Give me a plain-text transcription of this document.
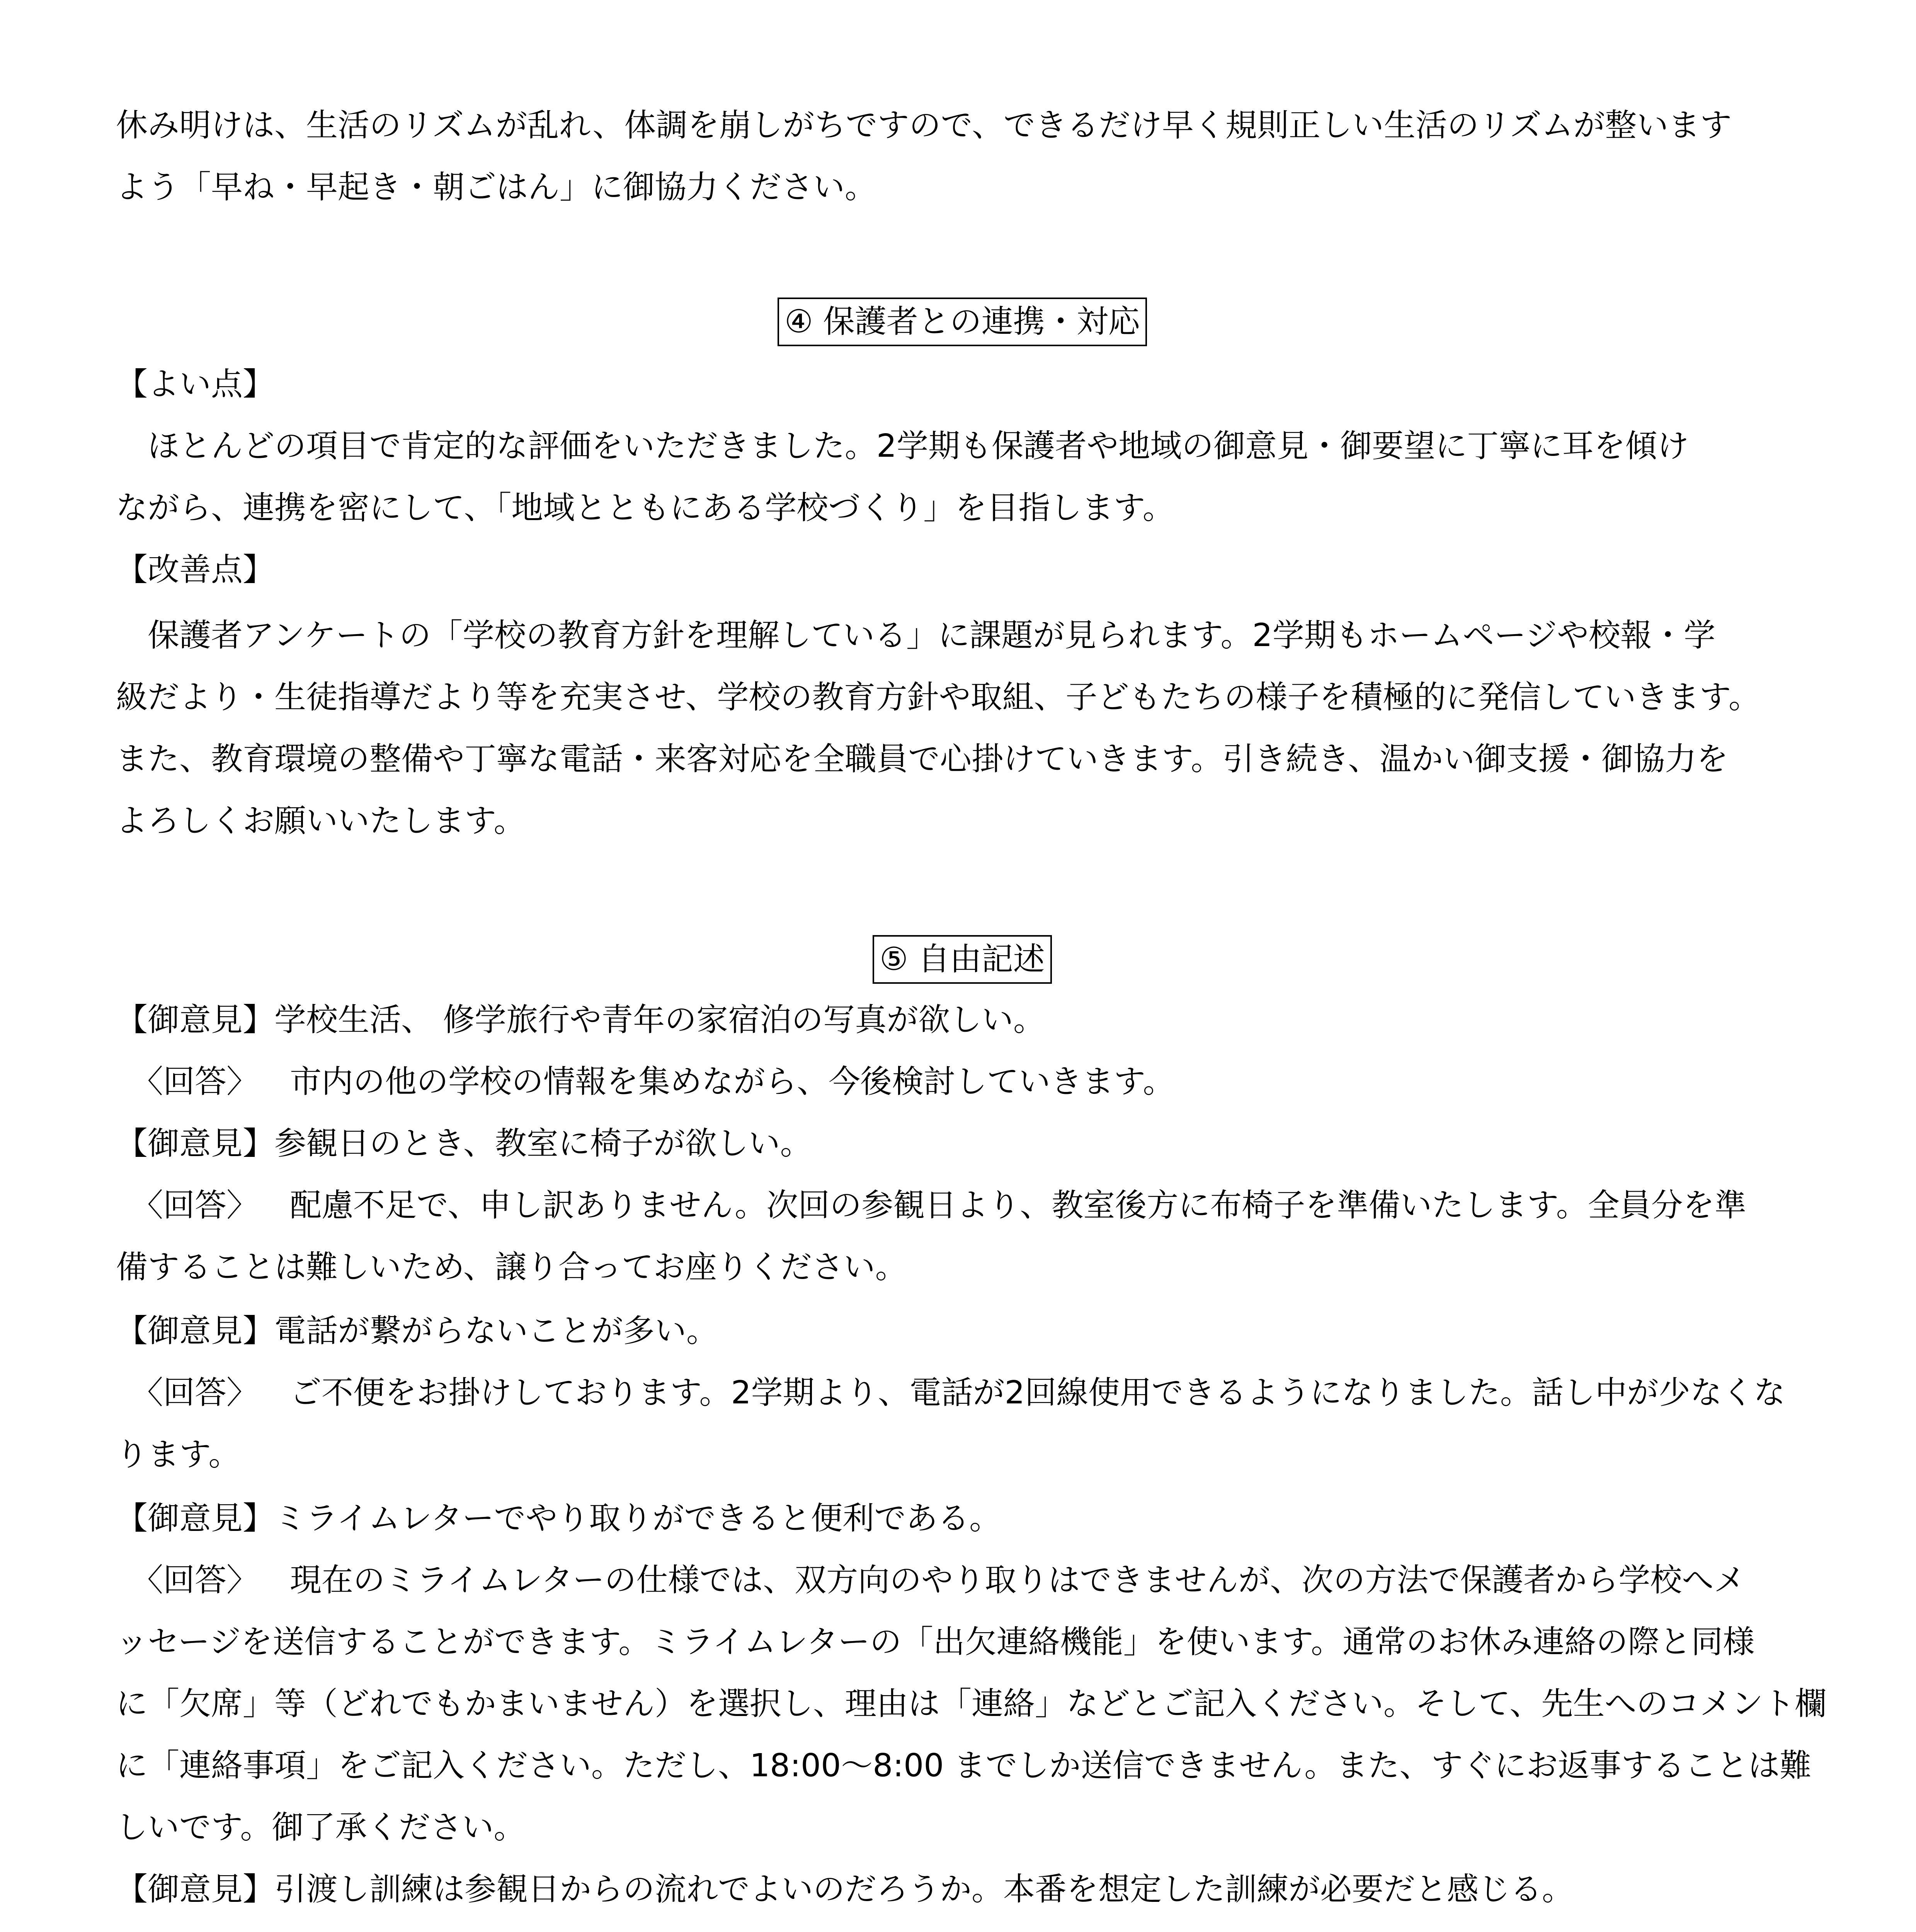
休み明けは、生活のリズムが乱れ、体調を崩しがちですので、できるだけ早く規則正しい生活のリズムが整います
よう「早ね・早起き・朝ごはん」に御協力ください。
④ 保護者との連携・対応
【よい点】
　ほとんどの項目で肯定的な評価をいただきました。2学期も保護者や地域の御意見・御要望に丁寧に耳を傾け
ながら、連携を密にして、「地域とともにある学校づくり」を目指します。
【改善点】
　保護者アンケートの「学校の教育方針を理解している」に課題が見られます。2学期もホームページや校報・学
級だより・生徒指導だより等を充実させ、学校の教育方針や取組、子どもたちの様子を積極的に発信していきます。
また、教育環境の整備や丁寧な電話・来客対応を全職員で心掛けていきます。引き続き、温かい御支援・御協力を
よろしくお願いいたします。
⑤ 自由記述
【御意見】学校生活、 修学旅行や青年の家宿泊の写真が欲しい。
〈回答〉　 市内の他の学校の情報を集めながら、今後検討していきます。
【御意見】参観日のとき、教室に椅子が欲しい。
〈回答〉　 配慮不足で、申し訳ありません。次回の参観日より、教室後方に布椅子を準備いたします。全員分を準
備することは難しいため、譲り合ってお座りください。
【御意見】電話が繋がらないことが多い。
〈回答〉　 ご不便をお掛けしております。2学期より、電話が2回線使用できるようになりました。話し中が少なくな
ります。
【御意見】ミライムレターでやり取りができると便利である。
〈回答〉　 現在のミライムレターの仕様では、双方向のやり取りはできませんが、次の方法で保護者から学校へメ
ッセージを送信することができます。ミライムレターの「出欠連絡機能」を使います。通常のお休み連絡の際と同様
に「欠席」等（どれでもかまいません）を選択し、理由は「連絡」などとご記入ください。そして、先生へのコメント欄
に「連絡事項」をご記入ください。ただし、18:00～8:00 までしか送信できません。また、すぐにお返事することは難
しいです。御了承ください。
【御意見】引渡し訓練は参観日からの流れでよいのだろうか。本番を想定した訓練が必要だと感じる。
